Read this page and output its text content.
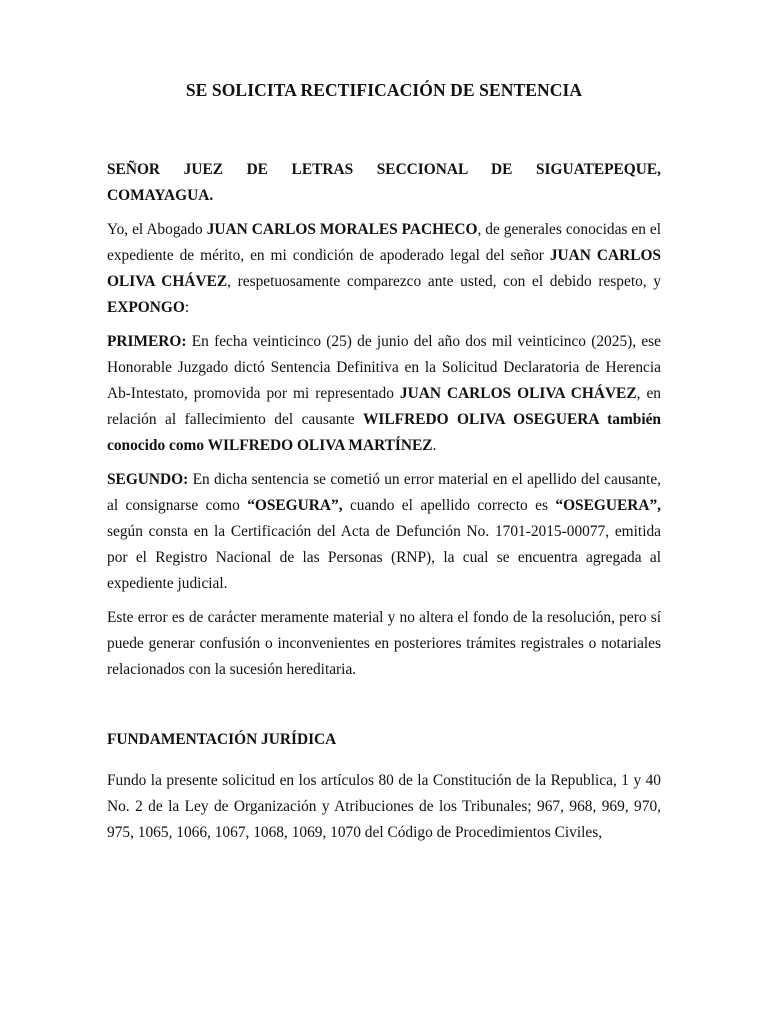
SE SOLICITA RECTIFICACIÓN DE SENTENCIA

SEÑOR JUEZ DE LETRAS SECCIONAL DE SIGUATEPEQUE,
COMAYAGUA.

Yo, el Abogado JUAN CARLOS MORALES PACHECO, de generales conocidas en el expediente de mérito, en mi condición de apoderado legal del señor JUAN CARLOS OLIVA CHÁVEZ, respetuosamente comparezco ante usted, con el debido respeto, y EXPONGO:

PRIMERO: En fecha veinticinco (25) de junio del año dos mil veinticinco (2025), ese Honorable Juzgado dictó Sentencia Definitiva en la Solicitud Declaratoria de Herencia Ab-Intestato, promovida por mi representado JUAN CARLOS OLIVA CHÁVEZ, en relación al fallecimiento del causante WILFREDO OLIVA OSEGUERA también conocido como WILFREDO OLIVA MARTÍNEZ.

SEGUNDO: En dicha sentencia se cometió un error material en el apellido del causante, al consignarse como “OSEGURA”, cuando el apellido correcto es “OSEGUERA”, según consta en la Certificación del Acta de Defunción No. 1701-2015-00077, emitida por el Registro Nacional de las Personas (RNP), la cual se encuentra agregada al expediente judicial.

Este error es de carácter meramente material y no altera el fondo de la resolución, pero sí puede generar confusión o inconvenientes en posteriores trámites registrales o notariales relacionados con la sucesión hereditaria.

FUNDAMENTACIÓN JURÍDICA

Fundo la presente solicitud en los artículos 80 de la Constitución de la Republica, 1 y 40 No. 2 de la Ley de Organización y Atribuciones de los Tribunales; 967, 968, 969, 970, 975, 1065, 1066, 1067, 1068, 1069, 1070 del Código de Procedimientos Civiles,
